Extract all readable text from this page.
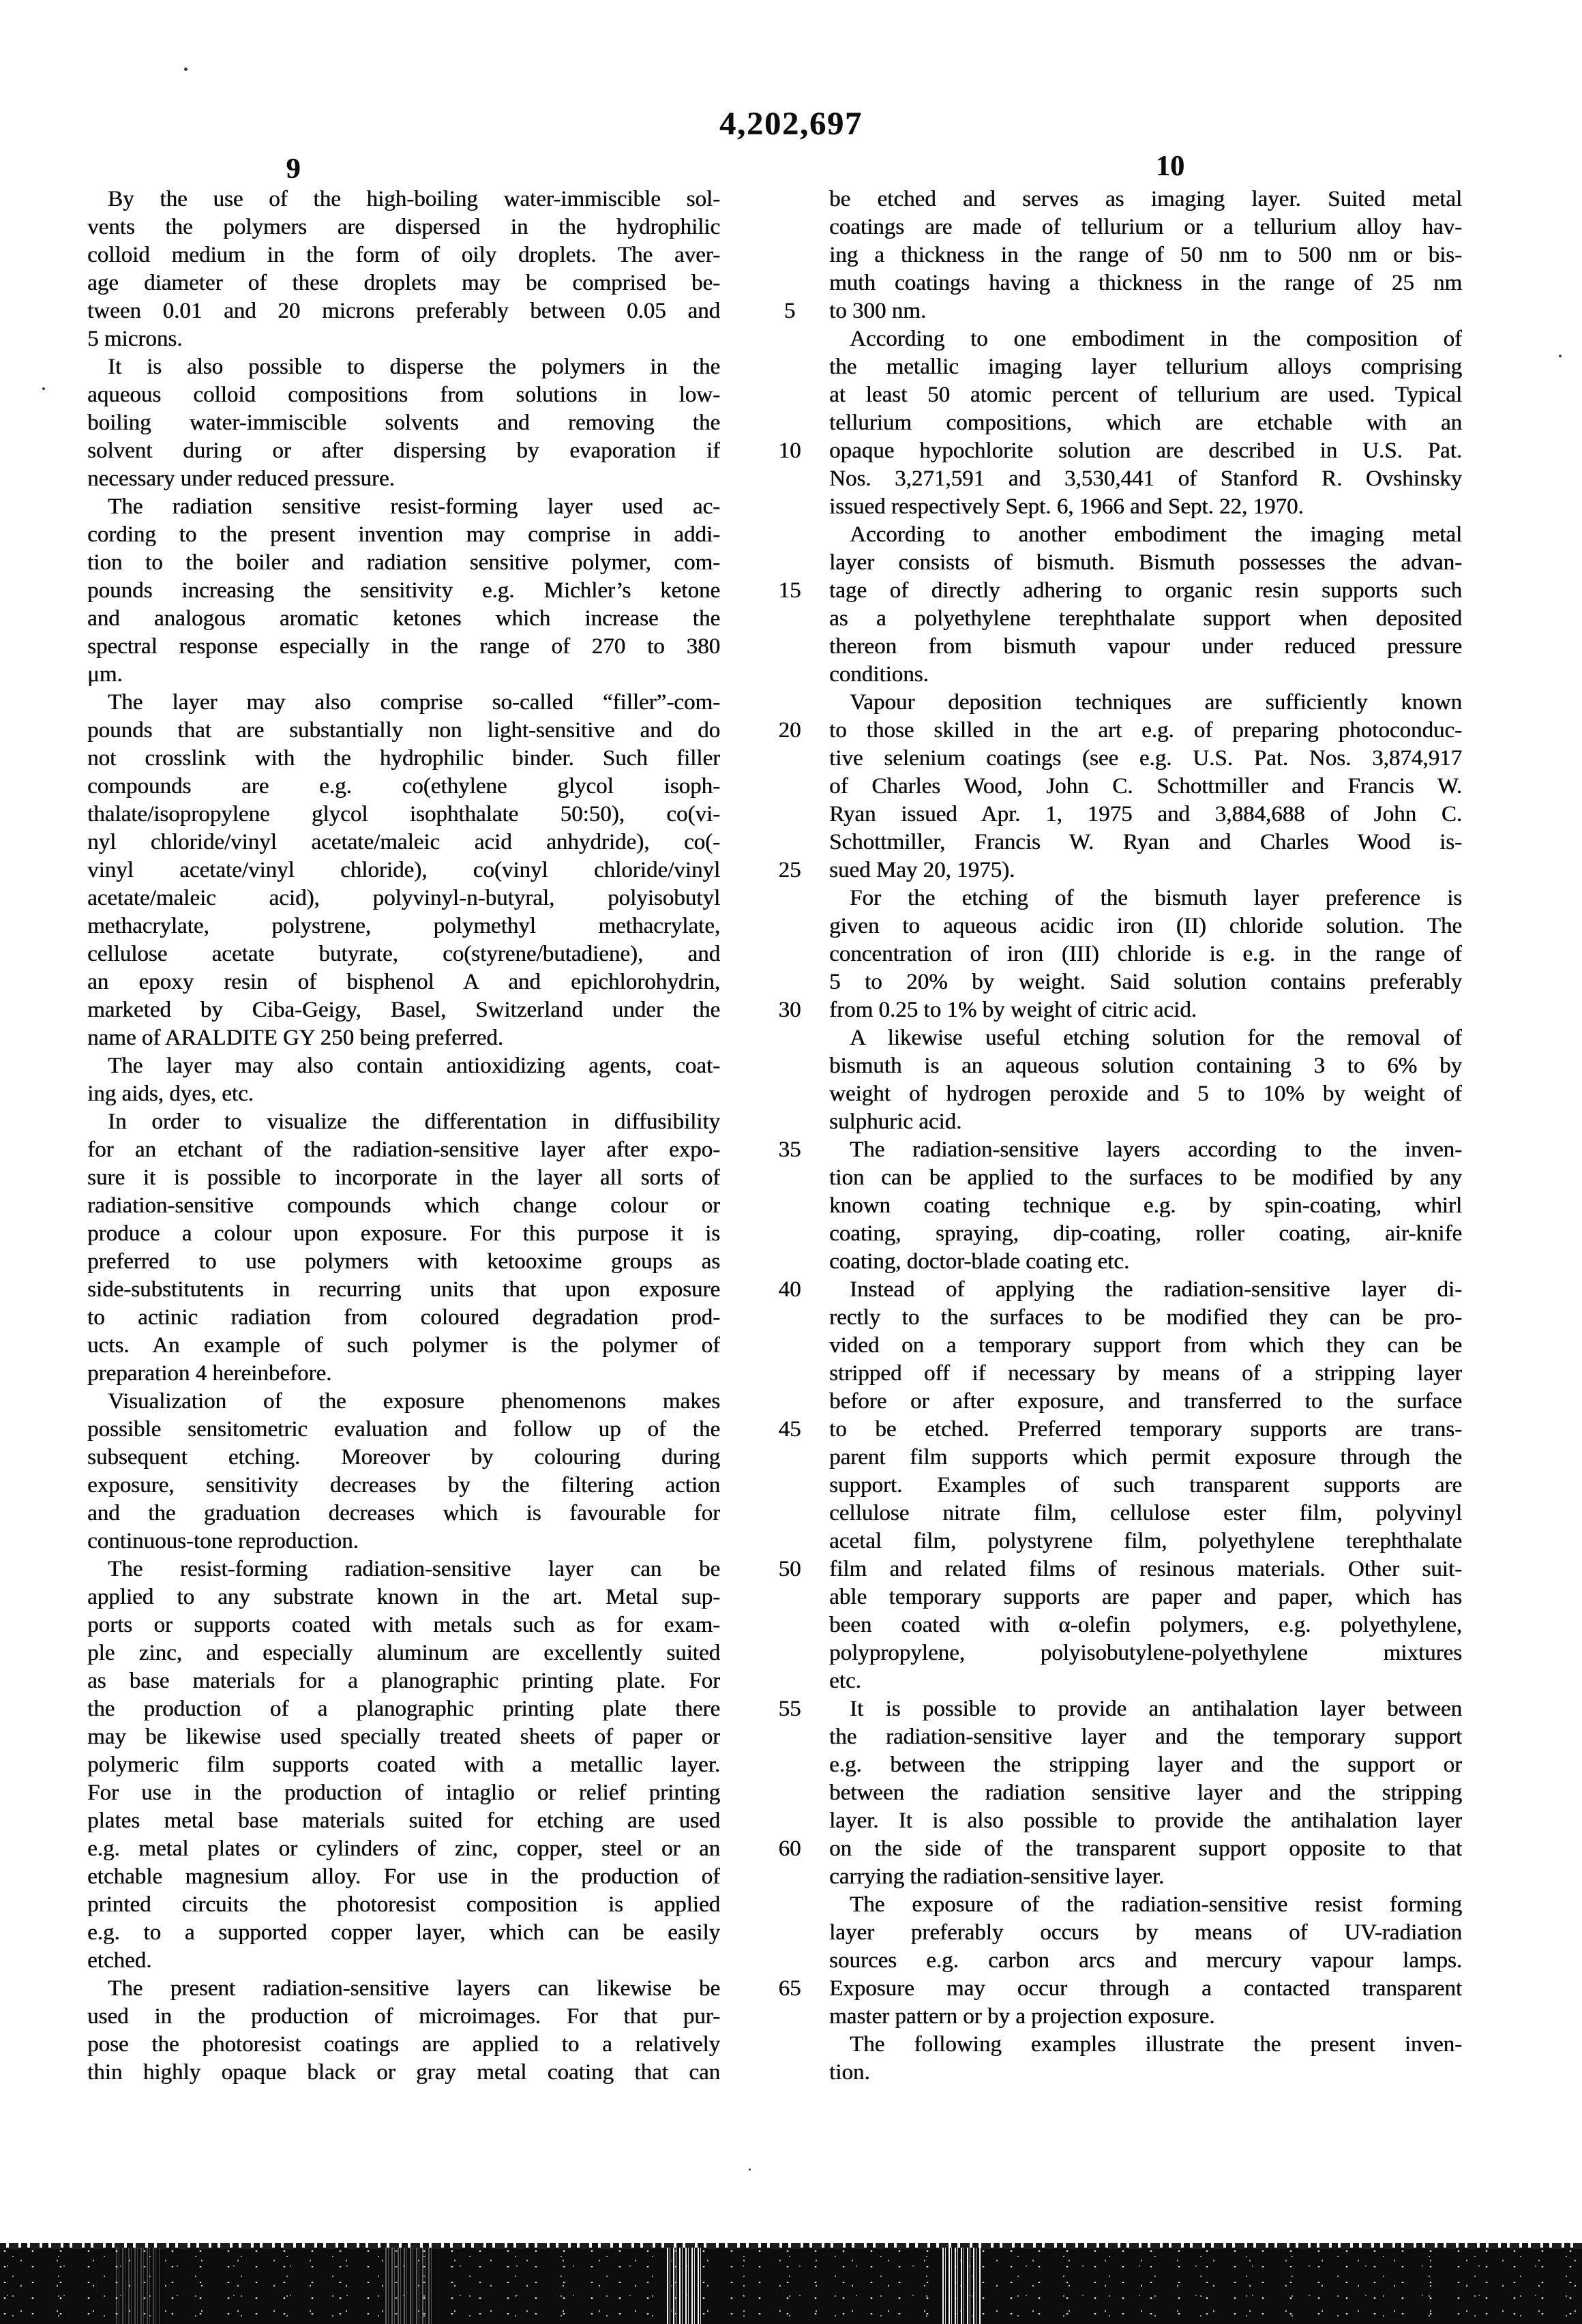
4,202,697
9	10
By the use of the high-boiling water-immiscible sol-
vents the polymers are dispersed in the hydrophilic
colloid medium in the form of oily droplets. The aver-
age diameter of these droplets may be comprised be-
tween 0.01 and 20 microns preferably between 0.05 and
5 microns.
It is also possible to disperse the polymers in the
aqueous colloid compositions from solutions in low-
boiling water-immiscible solvents and removing the
solvent during or after dispersing by evaporation if
necessary under reduced pressure.
The radiation sensitive resist-forming layer used ac-
cording to the present invention may comprise in addi-
tion to the boiler and radiation sensitive polymer, com-
pounds increasing the sensitivity e.g. Michler’s ketone
and analogous aromatic ketones which increase the
spectral response especially in the range of 270 to 380
μm.
The layer may also comprise so-called “filler”-com-
pounds that are substantially non light-sensitive and do
not crosslink with the hydrophilic binder. Such filler
compounds are e.g. co(ethylene glycol isoph-
thalate/isopropylene glycol isophthalate 50:50), co(vi-
nyl chloride/vinyl acetate/maleic acid anhydride), co(-
vinyl acetate/vinyl chloride), co(vinyl chloride/vinyl
acetate/maleic acid), polyvinyl-n-butyral, polyisobutyl
methacrylate, polystrene, polymethyl methacrylate,
cellulose acetate butyrate, co(styrene/butadiene), and
an epoxy resin of bisphenol A and epichlorohydrin,
marketed by Ciba-Geigy, Basel, Switzerland under the
name of ARALDITE GY 250 being preferred.
The layer may also contain antioxidizing agents, coat-
ing aids, dyes, etc.
In order to visualize the differentation in diffusibility
for an etchant of the radiation-sensitive layer after expo-
sure it is possible to incorporate in the layer all sorts of
radiation-sensitive compounds which change colour or
produce a colour upon exposure. For this purpose it is
preferred to use polymers with ketooxime groups as
side-substitutents in recurring units that upon exposure
to actinic radiation from coloured degradation prod-
ucts. An example of such polymer is the polymer of
preparation 4 hereinbefore.
Visualization of the exposure phenomenons makes
possible sensitometric evaluation and follow up of the
subsequent etching. Moreover by colouring during
exposure, sensitivity decreases by the filtering action
and the graduation decreases which is favourable for
continuous-tone reproduction.
The resist-forming radiation-sensitive layer can be
applied to any substrate known in the art. Metal sup-
ports or supports coated with metals such as for exam-
ple zinc, and especially aluminum are excellently suited
as base materials for a planographic printing plate. For
the production of a planographic printing plate there
may be likewise used specially treated sheets of paper or
polymeric film supports coated with a metallic layer.
For use in the production of intaglio or relief printing
plates metal base materials suited for etching are used
e.g. metal plates or cylinders of zinc, copper, steel or an
etchable magnesium alloy. For use in the production of
printed circuits the photoresist composition is applied
e.g. to a supported copper layer, which can be easily
etched.
The present radiation-sensitive layers can likewise be
used in the production of microimages. For that pur-
pose the photoresist coatings are applied to a relatively
thin highly opaque black or gray metal coating that can
be etched and serves as imaging layer. Suited metal
coatings are made of tellurium or a tellurium alloy hav-
ing a thickness in the range of 50 nm to 500 nm or bis-
muth coatings having a thickness in the range of 25 nm
to 300 nm.
According to one embodiment in the composition of
the metallic imaging layer tellurium alloys comprising
at least 50 atomic percent of tellurium are used. Typical
tellurium compositions, which are etchable with an
opaque hypochlorite solution are described in U.S. Pat.
Nos. 3,271,591 and 3,530,441 of Stanford R. Ovshinsky
issued respectively Sept. 6, 1966 and Sept. 22, 1970.
According to another embodiment the imaging metal
layer consists of bismuth. Bismuth possesses the advan-
tage of directly adhering to organic resin supports such
as a polyethylene terephthalate support when deposited
thereon from bismuth vapour under reduced pressure
conditions.
Vapour deposition techniques are sufficiently known
to those skilled in the art e.g. of preparing photoconduc-
tive selenium coatings (see e.g. U.S. Pat. Nos. 3,874,917
of Charles Wood, John C. Schottmiller and Francis W.
Ryan issued Apr. 1, 1975 and 3,884,688 of John C.
Schottmiller, Francis W. Ryan and Charles Wood is-
sued May 20, 1975).
For the etching of the bismuth layer preference is
given to aqueous acidic iron (II) chloride solution. The
concentration of iron (III) chloride is e.g. in the range of
5 to 20% by weight. Said solution contains preferably
from 0.25 to 1% by weight of citric acid.
A likewise useful etching solution for the removal of
bismuth is an aqueous solution containing 3 to 6% by
weight of hydrogen peroxide and 5 to 10% by weight of
sulphuric acid.
The radiation-sensitive layers according to the inven-
tion can be applied to the surfaces to be modified by any
known coating technique e.g. by spin-coating, whirl
coating, spraying, dip-coating, roller coating, air-knife
coating, doctor-blade coating etc.
Instead of applying the radiation-sensitive layer di-
rectly to the surfaces to be modified they can be pro-
vided on a temporary support from which they can be
stripped off if necessary by means of a stripping layer
before or after exposure, and transferred to the surface
to be etched. Preferred temporary supports are trans-
parent film supports which permit exposure through the
support. Examples of such transparent supports are
cellulose nitrate film, cellulose ester film, polyvinyl
acetal film, polystyrene film, polyethylene terephthalate
film and related films of resinous materials. Other suit-
able temporary supports are paper and paper, which has
been coated with α-olefin polymers, e.g. polyethylene,
polypropylene, polyisobutylene-polyethylene mixtures
etc.
It is possible to provide an antihalation layer between
the radiation-sensitive layer and the temporary support
e.g. between the stripping layer and the support or
between the radiation sensitive layer and the stripping
layer. It is also possible to provide the antihalation layer
on the side of the transparent support opposite to that
carrying the radiation-sensitive layer.
The exposure of the radiation-sensitive resist forming
layer preferably occurs by means of UV-radiation
sources e.g. carbon arcs and mercury vapour lamps.
Exposure may occur through a contacted transparent
master pattern or by a projection exposure.
The following examples illustrate the present inven-
tion.
5
10
15
20
25
30
35
40
45
50
55
60
65
